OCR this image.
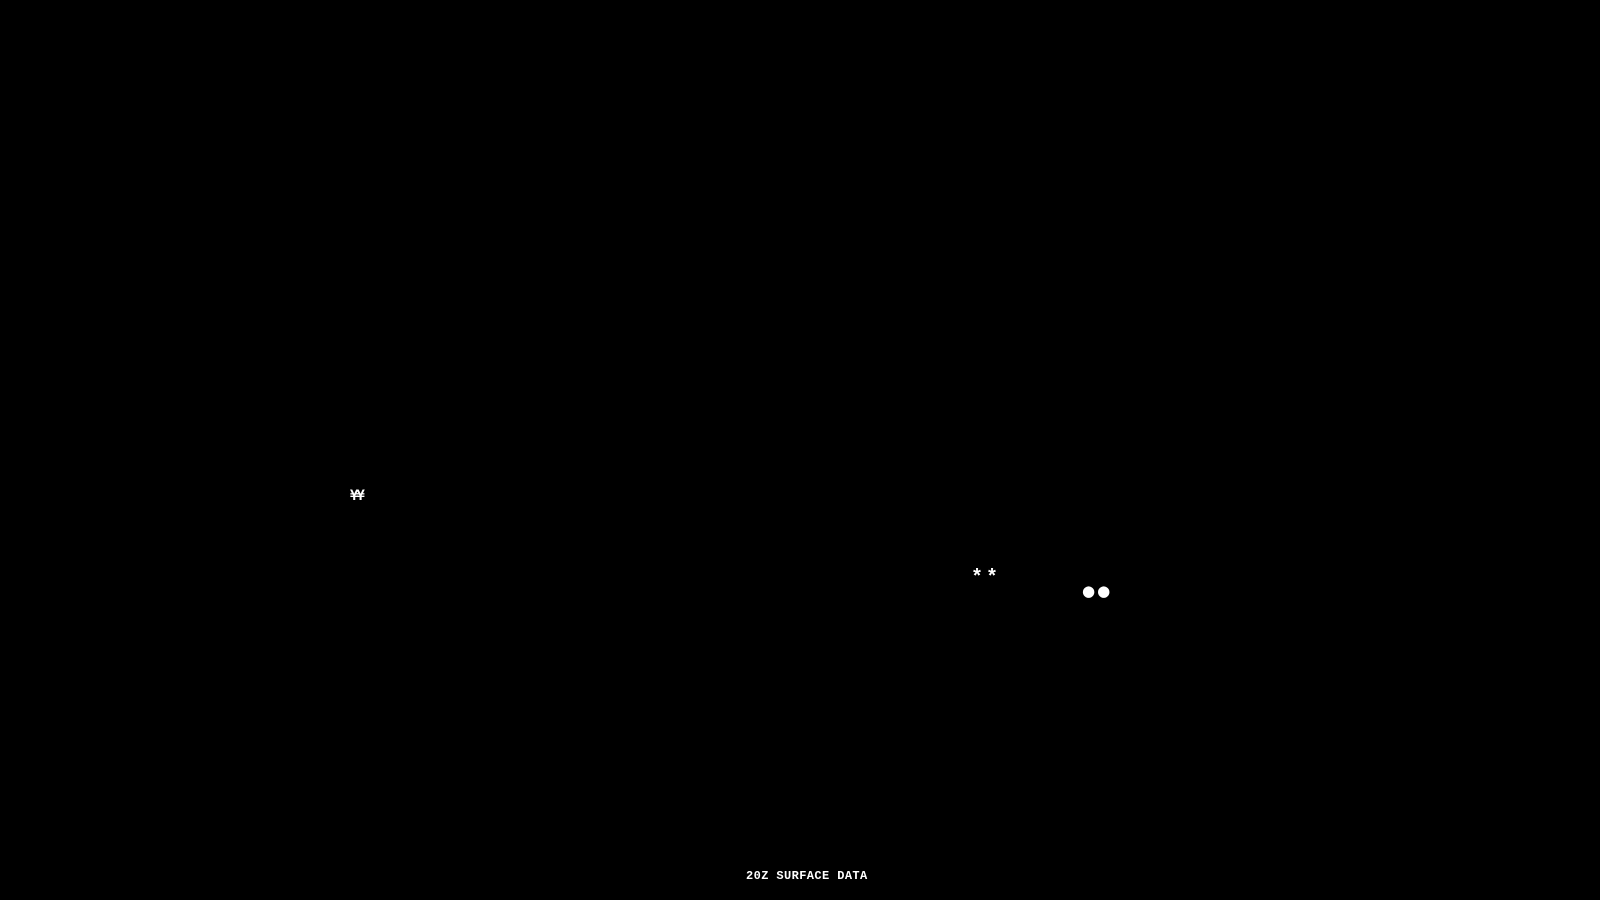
¥¥
**
●●
20Z SURFACE DATA
